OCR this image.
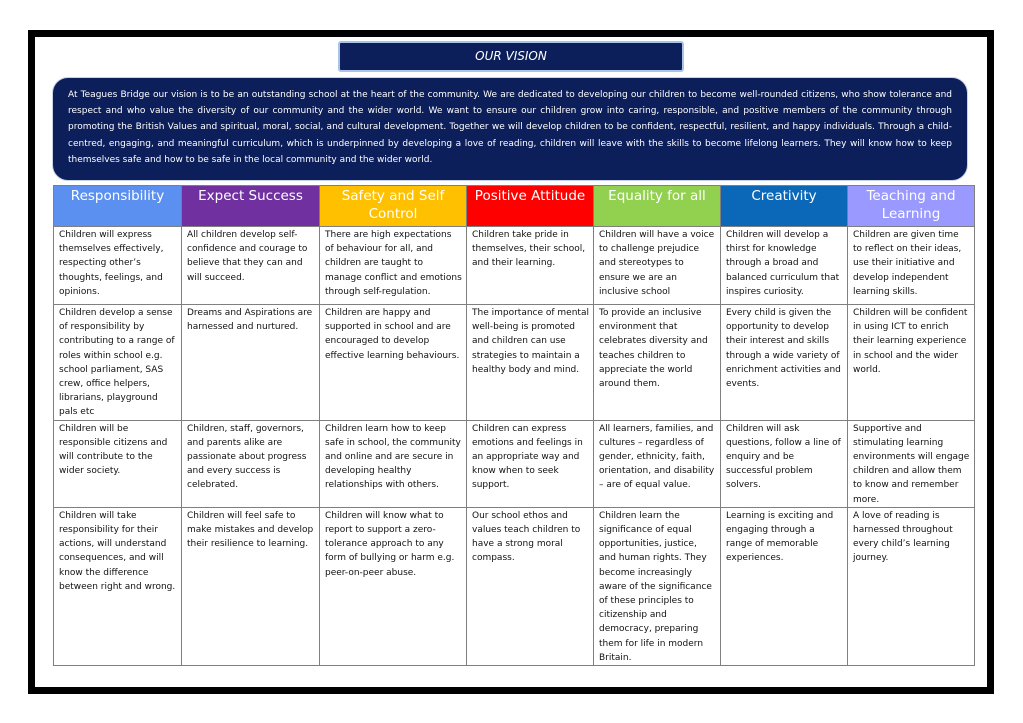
OUR VISION
At Teagues Bridge our vision is to be an outstanding school at the heart of the community. We are dedicated to developing our children to become well-rounded citizens, who show tolerance and respect and who value the diversity of our community and the wider world. We want to ensure our children grow into caring, responsible, and positive members of the community through promoting the British Values and spiritual, moral, social, and cultural development. Together we will develop children to be confident, respectful, resilient, and happy individuals. Through a child-centred, engaging, and meaningful curriculum, which is underpinned by developing a love of reading, children will leave with the skills to become lifelong learners. They will know how to keep themselves safe and how to be safe in the local community and the wider world.
Responsibility	Expect Success	Safety and Self Control	Positive Attitude	Equality for all	Creativity	Teaching and Learning
Children will express themselves effectively, respecting other’s thoughts, feelings, and opinions.	All children develop self-confidence and courage to believe that they can and will succeed.	There are high expectations of behaviour for all, and children are taught to manage conflict and emotions through self-regulation.	Children take pride in themselves, their school, and their learning.	Children will have a voice to challenge prejudice and stereotypes to ensure we are an inclusive school	Children will develop a thirst for knowledge through a broad and balanced curriculum that inspires curiosity.	Children are given time to reflect on their ideas, use their initiative and develop independent learning skills.
Children develop a sense of responsibility by contributing to a range of roles within school e.g. school parliament, SAS crew, office helpers, librarians, playground pals etc	Dreams and Aspirations are harnessed and nurtured.	Children are happy and supported in school and are encouraged to develop effective learning behaviours.	The importance of mental well-being is promoted and children can use strategies to maintain a healthy body and mind.	To provide an inclusive environment that celebrates diversity and teaches children to appreciate the world around them.	Every child is given the opportunity to develop their interest and skills through a wide variety of enrichment activities and events.	Children will be confident in using ICT to enrich their learning experience in school and the wider world.
Children will be responsible citizens and will contribute to the wider society.	Children, staff, governors, and parents alike are passionate about progress and every success is celebrated.	Children learn how to keep safe in school, the community and online and are secure in developing healthy relationships with others.	Children can express emotions and feelings in an appropriate way and know when to seek support.	All learners, families, and cultures – regardless of gender, ethnicity, faith, orientation, and disability – are of equal value.	Children will ask questions, follow a line of enquiry and be successful problem solvers.	Supportive and stimulating learning environments will engage children and allow them to know and remember more.
Children will take responsibility for their actions, will understand consequences, and will know the difference between right and wrong.	Children will feel safe to make mistakes and develop their resilience to learning.	Children will know what to report to support a zero-tolerance approach to any form of bullying or harm e.g. peer-on-peer abuse.	Our school ethos and values teach children to have a strong moral compass.	Children learn the significance of equal opportunities, justice, and human rights. They become increasingly aware of the significance of these principles to citizenship and democracy, preparing them for life in modern Britain.	Learning is exciting and engaging through a range of memorable experiences.	A love of reading is harnessed throughout every child’s learning journey.
